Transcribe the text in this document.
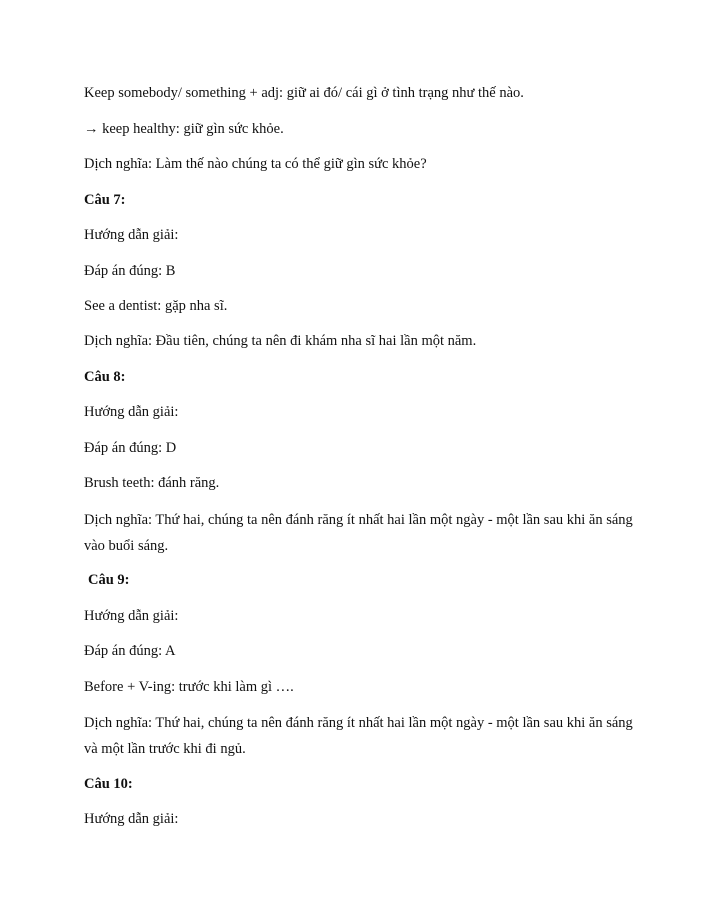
Keep somebody/ something + adj: giữ ai đó/ cái gì ở tình trạng như thế nào.
→ keep healthy: giữ gìn sức khỏe.
Dịch nghĩa: Làm thế nào chúng ta có thể giữ gìn sức khỏe?
Câu 7:
Hướng dẫn giải:
Đáp án đúng: B
See a dentist: gặp nha sĩ.
Dịch nghĩa: Đầu tiên, chúng ta nên đi khám nha sĩ hai lần một năm.
Câu 8:
Hướng dẫn giải:
Đáp án đúng: D
Brush teeth: đánh răng.
Dịch nghĩa: Thứ hai, chúng ta nên đánh răng ít nhất hai lần một ngày - một lần sau khi ăn sáng vào buổi sáng.
Câu 9:
Hướng dẫn giải:
Đáp án đúng: A
Before + V-ing: trước khi làm gì ….
Dịch nghĩa: Thứ hai, chúng ta nên đánh răng ít nhất hai lần một ngày - một lần sau khi ăn sáng và một lần trước khi đi ngủ.
Câu 10:
Hướng dẫn giải:
